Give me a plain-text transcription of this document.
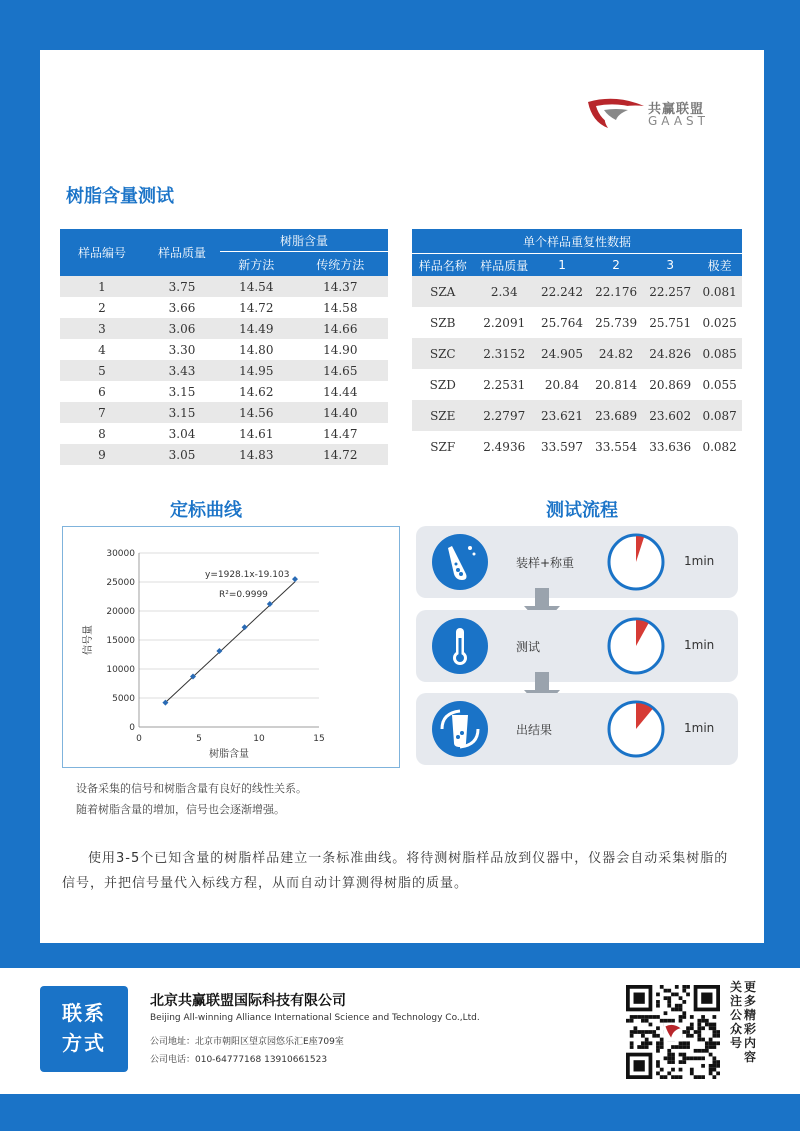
共赢联盟
GAAST
树脂含量测试
样品编号	样品质量	树脂含量	
		新方法	传统方法
1	3.75	14.54	14.37
2	3.66	14.72	14.58
3	3.06	14.49	14.66
4	3.30	14.80	14.90
5	3.43	14.95	14.65
6	3.15	14.62	14.44
7	3.15	14.56	14.40
8	3.04	14.61	14.47
9	3.05	14.83	14.72
单个样品重复性数据					
样品名称	样品质量	1	2	3	极差
SZA	2.34	22.242	22.176	22.257	0.081
SZB	2.2091	25.764	25.739	25.751	0.025
SZC	2.3152	24.905	24.82	24.826	0.085
SZD	2.2531	20.84	20.814	20.869	0.055
SZE	2.2797	23.621	23.689	23.602	0.087
SZF	2.4936	33.597	33.554	33.636	0.082
定标曲线
0
5000
10000
15000
20000
25000
30000
0	5	10	15
y=1928.1x-19.103
R²=0.9999
树脂含量
信号量
设备采集的信号和树脂含量有良好的线性关系。
随着树脂含量的增加，信号也会逐渐增强。
测试流程
装样+称重	1min
测试	1min
出结果	1min
使用3-5个已知含量的树脂样品建立一条标准曲线。将待测树脂样品放到仪器中，仪器会自动采集树脂的信号，并把信号量代入标线方程，从而自动计算测得树脂的质量。
联系
方式
北京共赢联盟国际科技有限公司
Beijing All-winning Alliance International Science and Technology Co.,Ltd.
公司地址：北京市朝阳区望京园悠乐汇E座709室
公司电话：010-64777168 13910661523
关
注
公
众
号更
多
精
彩
内
容
